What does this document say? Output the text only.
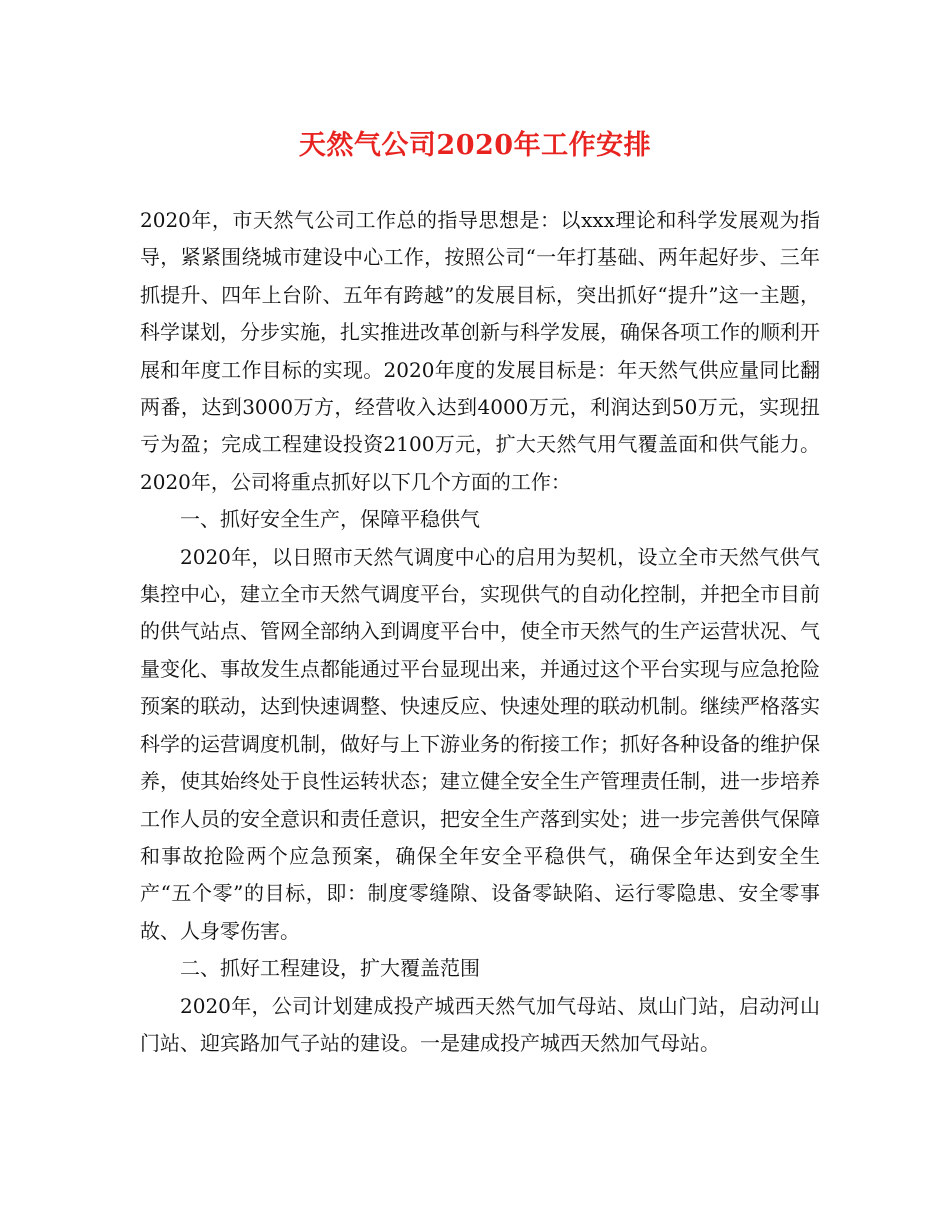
天然气公司2020年工作安排

2020年，市天然气公司工作总的指导思想是：以xxx理论和科学发展观为指导，紧紧围绕城市建设中心工作，按照公司“一年打基础、两年起好步、三年抓提升、四年上台阶、五年有跨越”的发展目标，突出抓好“提升”这一主题，科学谋划，分步实施，扎实推进改革创新与科学发展，确保各项工作的顺利开展和年度工作目标的实现。2020年度的发展目标是：年天然气供应量同比翻两番，达到3000万方，经营收入达到4000万元，利润达到50万元，实现扭亏为盈；完成工程建设投资2100万元，扩大天然气用气覆盖面和供气能力。2020年，公司将重点抓好以下几个方面的工作：

一、抓好安全生产，保障平稳供气

2020年，以日照市天然气调度中心的启用为契机，设立全市天然气供气集控中心，建立全市天然气调度平台，实现供气的自动化控制，并把全市目前的供气站点、管网全部纳入到调度平台中，使全市天然气的生产运营状况、气量变化、事故发生点都能通过平台显现出来，并通过这个平台实现与应急抢险预案的联动，达到快速调整、快速反应、快速处理的联动机制。继续严格落实科学的运营调度机制，做好与上下游业务的衔接工作；抓好各种设备的维护保养，使其始终处于良性运转状态；建立健全安全生产管理责任制，进一步培养工作人员的安全意识和责任意识，把安全生产落到实处；进一步完善供气保障和事故抢险两个应急预案，确保全年安全平稳供气，确保全年达到安全生产“五个零”的目标，即：制度零缝隙、设备零缺陷、运行零隐患、安全零事故、人身零伤害。

二、抓好工程建设，扩大覆盖范围

2020年，公司计划建成投产城西天然气加气母站、岚山门站，启动河山门站、迎宾路加气子站的建设。一是建成投产城西天然加气母站。
